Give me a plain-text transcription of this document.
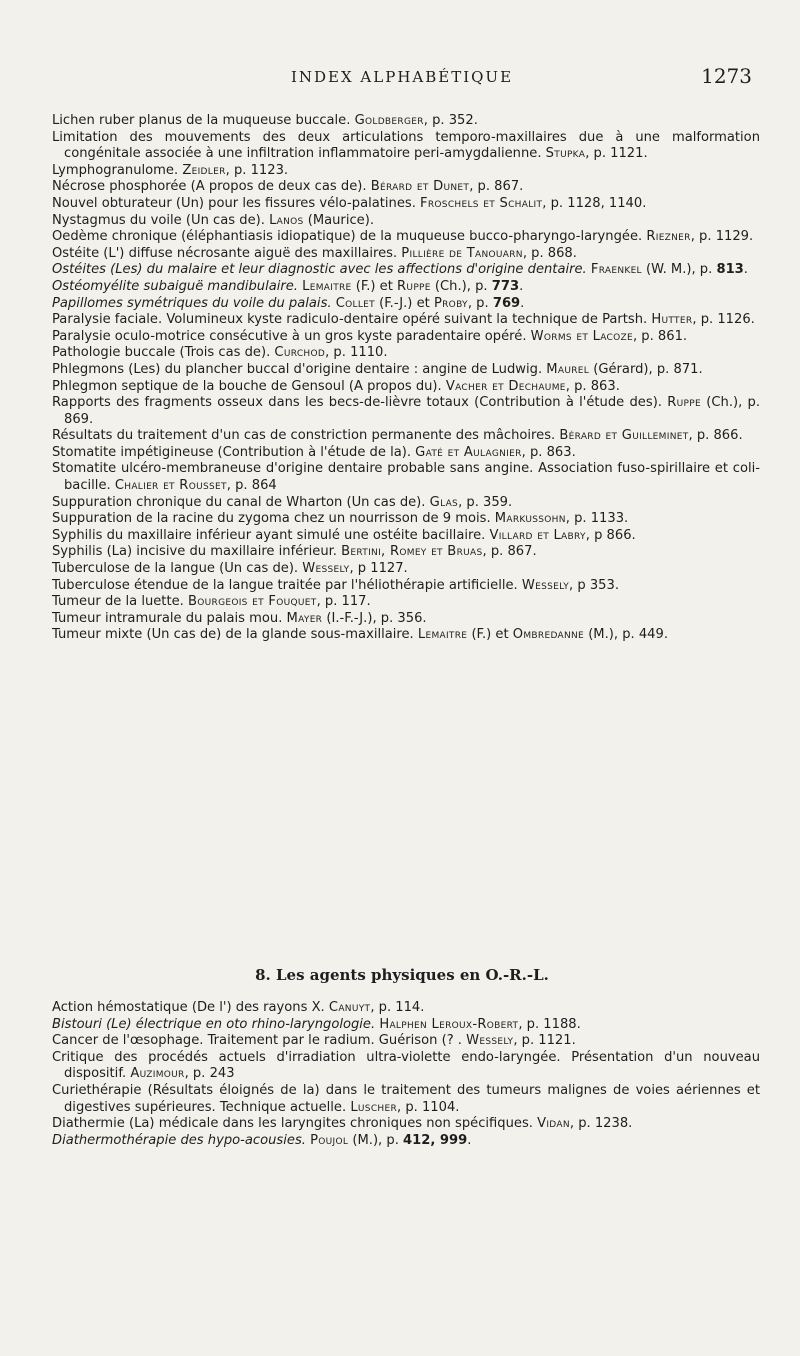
INDEX ALPHABÉTIQUE	1273

Lichen ruber planus de la muqueuse buccale. Goldberger, p. 352.

Limitation des mouvements des deux articulations temporo-maxillaires due à une malformation congénitale associée à une infiltration inflammatoire peri-amygdalienne. Stupka, p. 1121.

Lymphogranulome. Zeidler, p. 1123.

Nécrose phosphorée (A propos de deux cas de). Bérard et Dunet, p. 867.

Nouvel obturateur (Un) pour les fissures vélo-palatines. Froschels et Schalit, p. 1128, 1140.

Nystagmus du voile (Un cas de). Lanos (Maurice).

Oedème chronique (éléphantiasis idiopatique) de la muqueuse bucco-pharyngo-laryngée. Riezner, p. 1129.

Ostéite (L') diffuse nécrosante aiguë des maxillaires. Pillière de Tanouarn, p. 868.

Ostéites (Les) du malaire et leur diagnostic avec les affections d'origine dentaire. Fraenkel (W. M.), p. 813.

Ostéomyélite subaiguë mandibulaire. Lemaitre (F.) et Ruppe (Ch.), p. 773.

Papillomes symétriques du voile du palais. Collet (F.-J.) et Proby, p. 769.

Paralysie faciale. Volumineux kyste radiculo-dentaire opéré suivant la technique de Partsh. Hutter, p. 1126.

Paralysie oculo-motrice consécutive à un gros kyste paradentaire opéré. Worms et Lacoze, p. 861.

Pathologie buccale (Trois cas de). Curchod, p. 1110.

Phlegmons (Les) du plancher buccal d'origine dentaire : angine de Ludwig. Maurel (Gérard), p. 871.

Phlegmon septique de la bouche de Gensoul (A propos du). Vacher et Dechaume, p. 863.

Rapports des fragments osseux dans les becs-de-lièvre totaux (Contribution à l'étude des). Ruppe (Ch.), p. 869.

Résultats du traitement d'un cas de constriction permanente des mâchoires. Bérard et Guilleminet, p. 866.

Stomatite impétigineuse (Contribution à l'étude de la). Gaté et Aulagnier, p. 863.

Stomatite ulcéro-membraneuse d'origine dentaire probable sans angine. Association fuso-spirillaire et coli-bacille. Chalier et Rousset, p. 864

Suppuration chronique du canal de Wharton (Un cas de). Glas, p. 359.

Suppuration de la racine du zygoma chez un nourrisson de 9 mois. Markussohn, p. 1133.

Syphilis du maxillaire inférieur ayant simulé une ostéite bacillaire. Villard et Labry, p 866.

Syphilis (La) incisive du maxillaire inférieur. Bertini, Romey et Bruas, p. 867.

Tuberculose de la langue (Un cas de). Wessely, p 1127.

Tuberculose étendue de la langue traitée par l'héliothérapie artificielle. Wessely, p 353.

Tumeur de la luette. Bourgeois et Fouquet, p. 117.

Tumeur intramurale du palais mou. Mayer (I.-F.-J.), p. 356.

Tumeur mixte (Un cas de) de la glande sous-maxillaire. Lemaitre (F.) et Ombredanne (M.), p. 449.

8. Les agents physiques en O.-R.-L.

Action hémostatique (De l') des rayons X. Canuyt, p. 114.

Bistouri (Le) électrique en oto rhino-laryngologie. Halphen Leroux-Robert, p. 1188.

Cancer de l'œsophage. Traitement par le radium. Guérison (? . Wessely, p. 1121.

Critique des procédés actuels d'irradiation ultra-violette endo-laryngée. Présentation d'un nouveau dispositif. Auzimour, p. 243

Curiethérapie (Résultats éloignés de la) dans le traitement des tumeurs malignes de voies aériennes et digestives supérieures. Technique actuelle. Luscher, p. 1104.

Diathermie (La) médicale dans les laryngites chroniques non spécifiques. Vidan, p. 1238.

Diathermothérapie des hypo-acousies. Poujol (M.), p. 412, 999.
